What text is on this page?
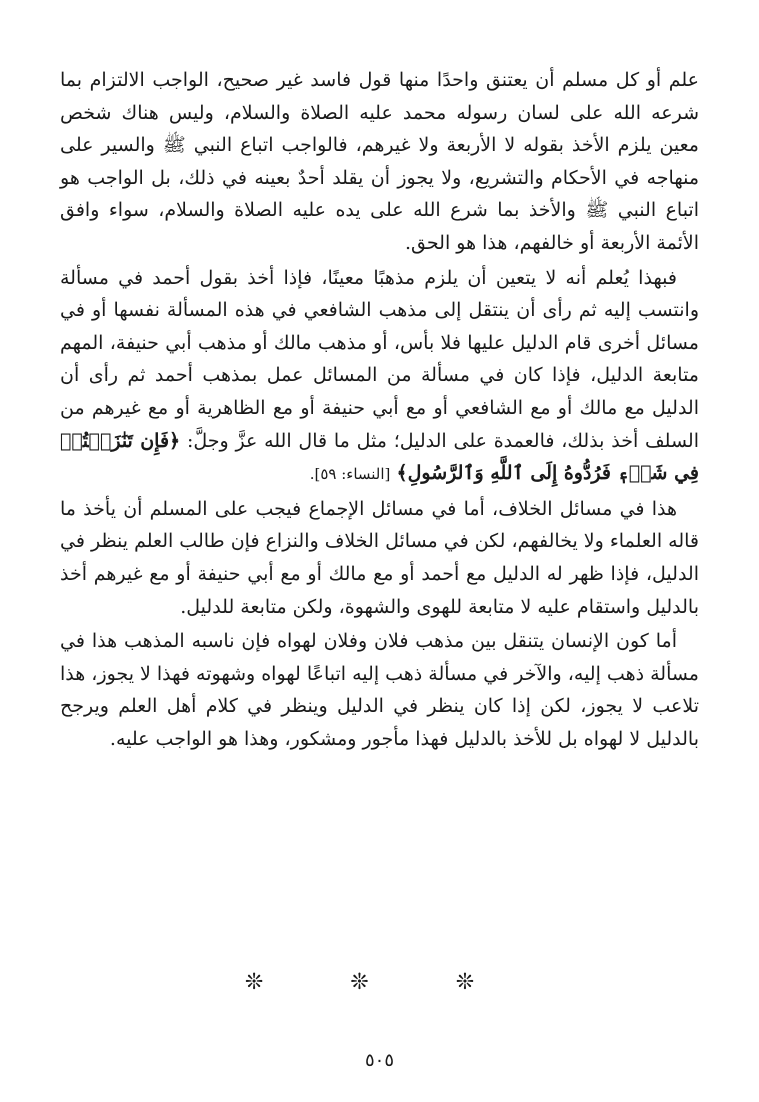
علم أو كل مسلم أن يعتنق واحدًا منها قول فاسد غير صحيح، الواجب الالتزام بما شرعه الله على لسان رسوله محمد عليه الصلاة والسلام، وليس هناك شخص معين يلزم الأخذ بقوله لا الأربعة ولا غيرهم، فالواجب اتباع النبي ﷺ والسير على منهاجه في الأحكام والتشريع، ولا يجوز أن يقلد أحدٌ بعينه في ذلك، بل الواجب هو اتباع النبي ﷺ والأخذ بما شرع الله على يده عليه الصلاة والسلام، سواء وافق الأئمة الأربعة أو خالفهم، هذا هو الحق.

فبهذا يُعلم أنه لا يتعين أن يلزم مذهبًا معينًا، فإذا أخذ بقول أحمد في مسألة وانتسب إليه ثم رأى أن ينتقل إلى مذهب الشافعي في هذه المسألة نفسها أو في مسائل أخرى قام الدليل عليها فلا بأس، أو مذهب مالك أو مذهب أبي حنيفة، المهم متابعة الدليل، فإذا كان في مسألة من المسائل عمل بمذهب أحمد ثم رأى أن الدليل مع مالك أو مع الشافعي أو مع أبي حنيفة أو مع الظاهرية أو مع غيرهم من السلف أخذ بذلك، فالعمدة على الدليل؛ مثل ما قال الله عزَّ وجلَّ: ﴿فَإِن تَنَٰزَعۡتُمۡ فِي شَيۡءٖ فَرُدُّوهُ إِلَى ٱللَّهِ وَٱلرَّسُولِ﴾ [النساء: ٥٩].

هذا في مسائل الخلاف، أما في مسائل الإجماع فيجب على المسلم أن يأخذ ما قاله العلماء ولا يخالفهم، لكن في مسائل الخلاف والنزاع فإن طالب العلم ينظر في الدليل، فإذا ظهر له الدليل مع أحمد أو مع مالك أو مع أبي حنيفة أو مع غيرهم أخذ بالدليل واستقام عليه لا متابعة للهوى والشهوة، ولكن متابعة للدليل.

أما كون الإنسان يتنقل بين مذهب فلان وفلان لهواه فإن ناسبه المذهب هذا في مسألة ذهب إليه، والآخر في مسألة ذهب إليه اتباعًا لهواه وشهوته فهذا لا يجوز، هذا تلاعب لا يجوز، لكن إذا كان ينظر في الدليل وينظر في كلام أهل العلم ويرجح بالدليل لا لهواه بل للأخذ بالدليل فهذا مأجور ومشكور، وهذا هو الواجب عليه.

❊ ❊ ❊
٥٠٥
